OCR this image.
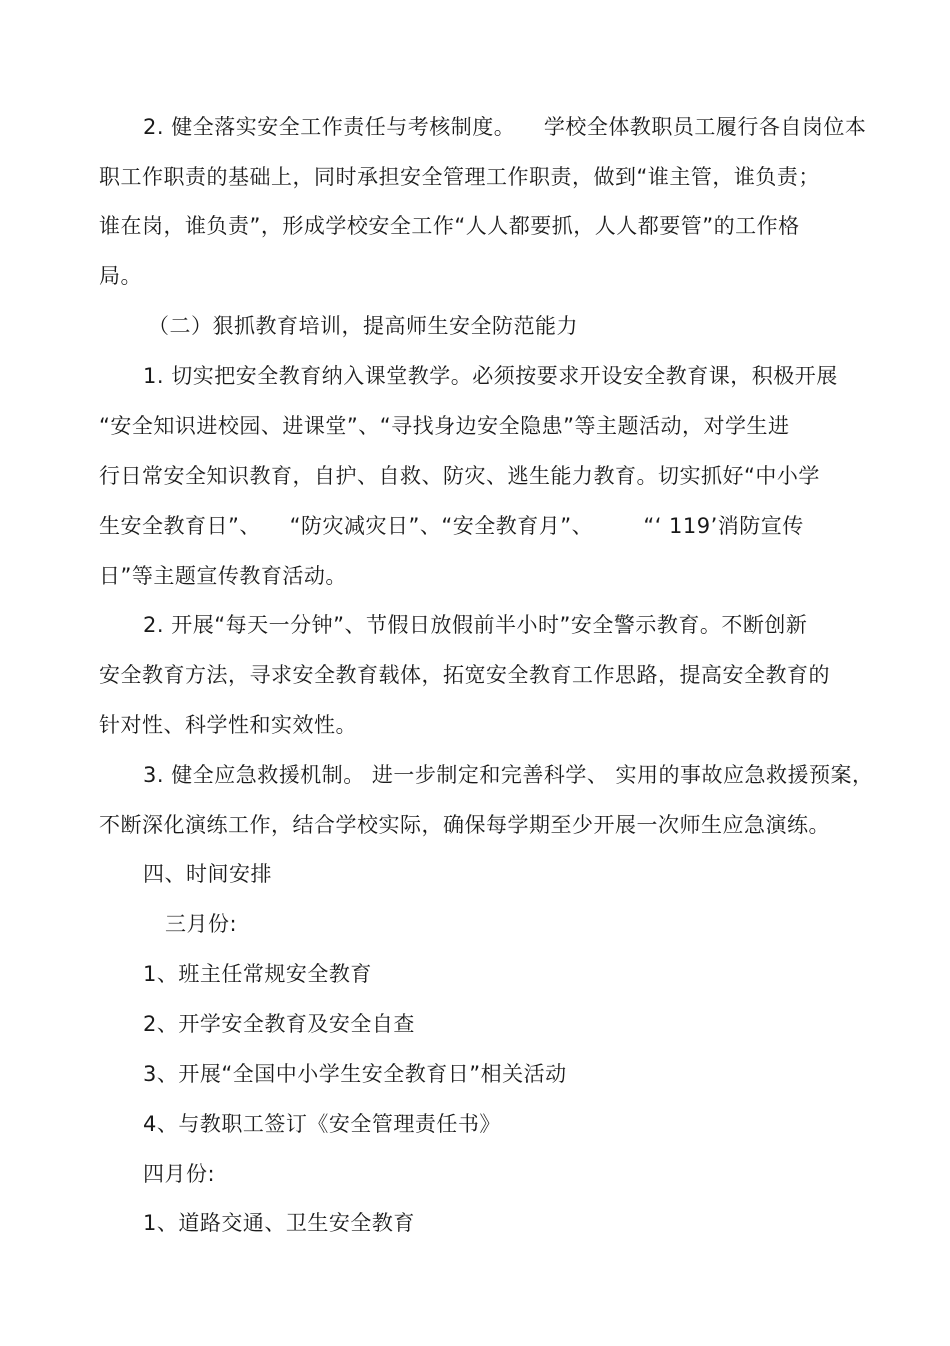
2. 健全落实安全工作责任与考核制度。    学校全体教职员工履行各自岗位本
职工作职责的基础上，同时承担安全管理工作职责，做到“谁主管，谁负责；
谁在岗，谁负责”，形成学校安全工作“人人都要抓，人人都要管”的工作格
局。
（二）狠抓教育培训，提高师生安全防范能力
1. 切实把安全教育纳入课堂教学。必须按要求开设安全教育课，积极开展
“安全知识进校园、进课堂”、“寻找身边安全隐患”等主题活动，对学生进
行日常安全知识教育，自护、自救、防灾、逃生能力教育。切实抓好“中小学
生安全教育日”、    “防灾减灾日”、“安全教育月”、       “‘ 119’消防宣传
日”等主题宣传教育活动。
2. 开展“每天一分钟”、节假日放假前半小时”安全警示教育。不断创新
安全教育方法，寻求安全教育载体，拓宽安全教育工作思路，提高安全教育的
针对性、科学性和实效性。
3. 健全应急救援机制。 进一步制定和完善科学、 实用的事故应急救援预案，
不断深化演练工作，结合学校实际，确保每学期至少开展一次师生应急演练。
四、时间安排
三月份:
1、班主任常规安全教育
2、开学安全教育及安全自查
3、开展“全国中小学生安全教育日”相关活动
4、与教职工签订《安全管理责任书》
四月份:
1、道路交通、卫生安全教育
